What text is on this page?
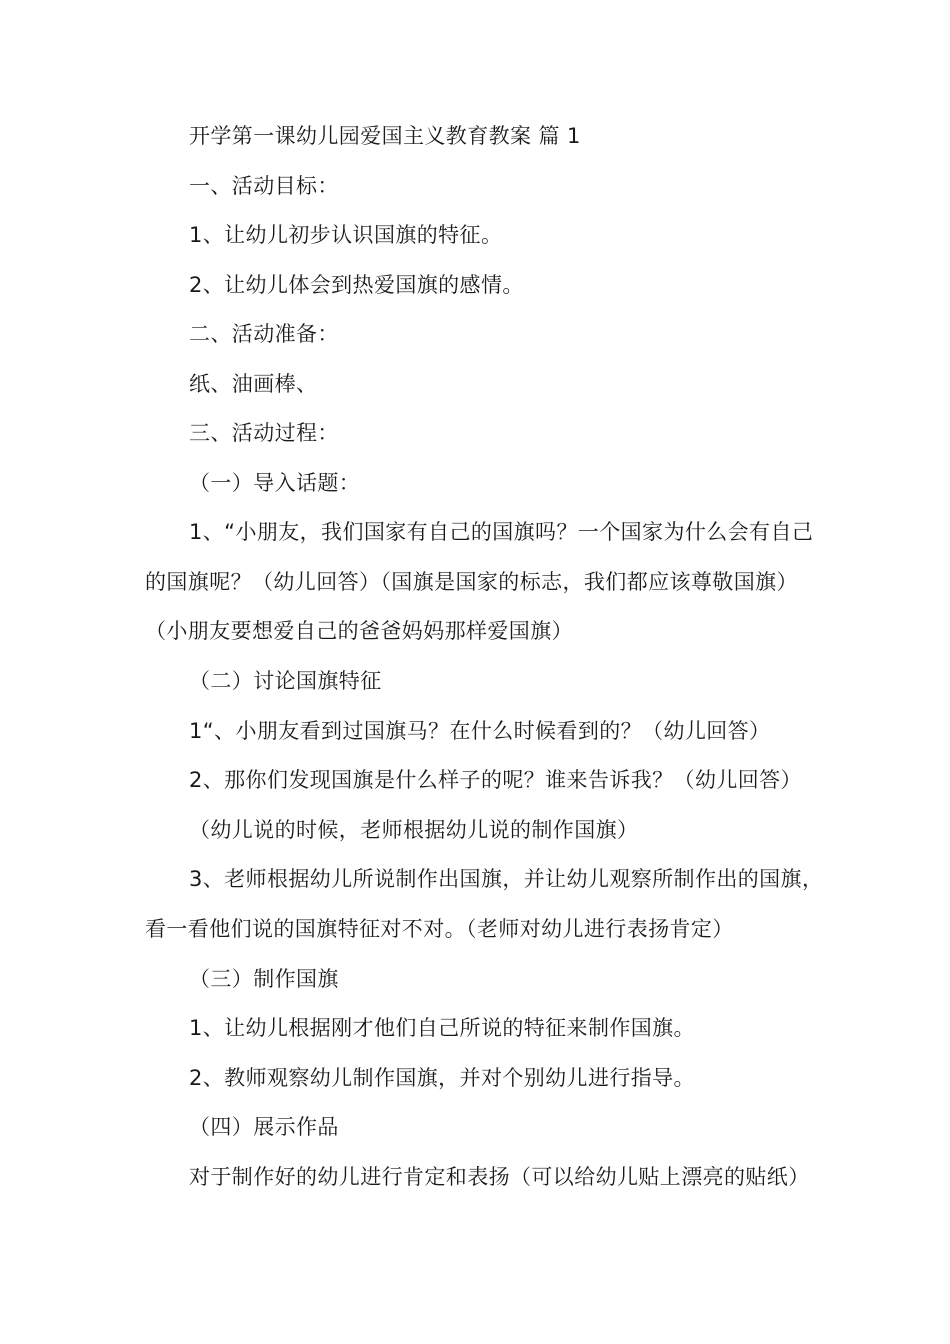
开学第一课幼儿园爱国主义教育教案 篇 1

一、活动目标：

1、让幼儿初步认识国旗的特征。

2、让幼儿体会到热爱国旗的感情。

二、活动准备：

纸、油画棒、

三、活动过程：

（一）导入话题：

1、“小朋友，我们国家有自己的国旗吗？一个国家为什么会有自己的国旗呢？（幼儿回答）（国旗是国家的标志，我们都应该尊敬国旗）（小朋友要想爱自己的爸爸妈妈那样爱国旗）

（二）讨论国旗特征

1“、小朋友看到过国旗马？在什么时候看到的？（幼儿回答）

2、那你们发现国旗是什么样子的呢？谁来告诉我？（幼儿回答）

（幼儿说的时候，老师根据幼儿说的制作国旗）

3、老师根据幼儿所说制作出国旗，并让幼儿观察所制作出的国旗，看一看他们说的国旗特征对不对。（老师对幼儿进行表扬肯定）

（三）制作国旗

1、让幼儿根据刚才他们自己所说的特征来制作国旗。

2、教师观察幼儿制作国旗，并对个别幼儿进行指导。

（四）展示作品

对于制作好的幼儿进行肯定和表扬（可以给幼儿贴上漂亮的贴纸）
